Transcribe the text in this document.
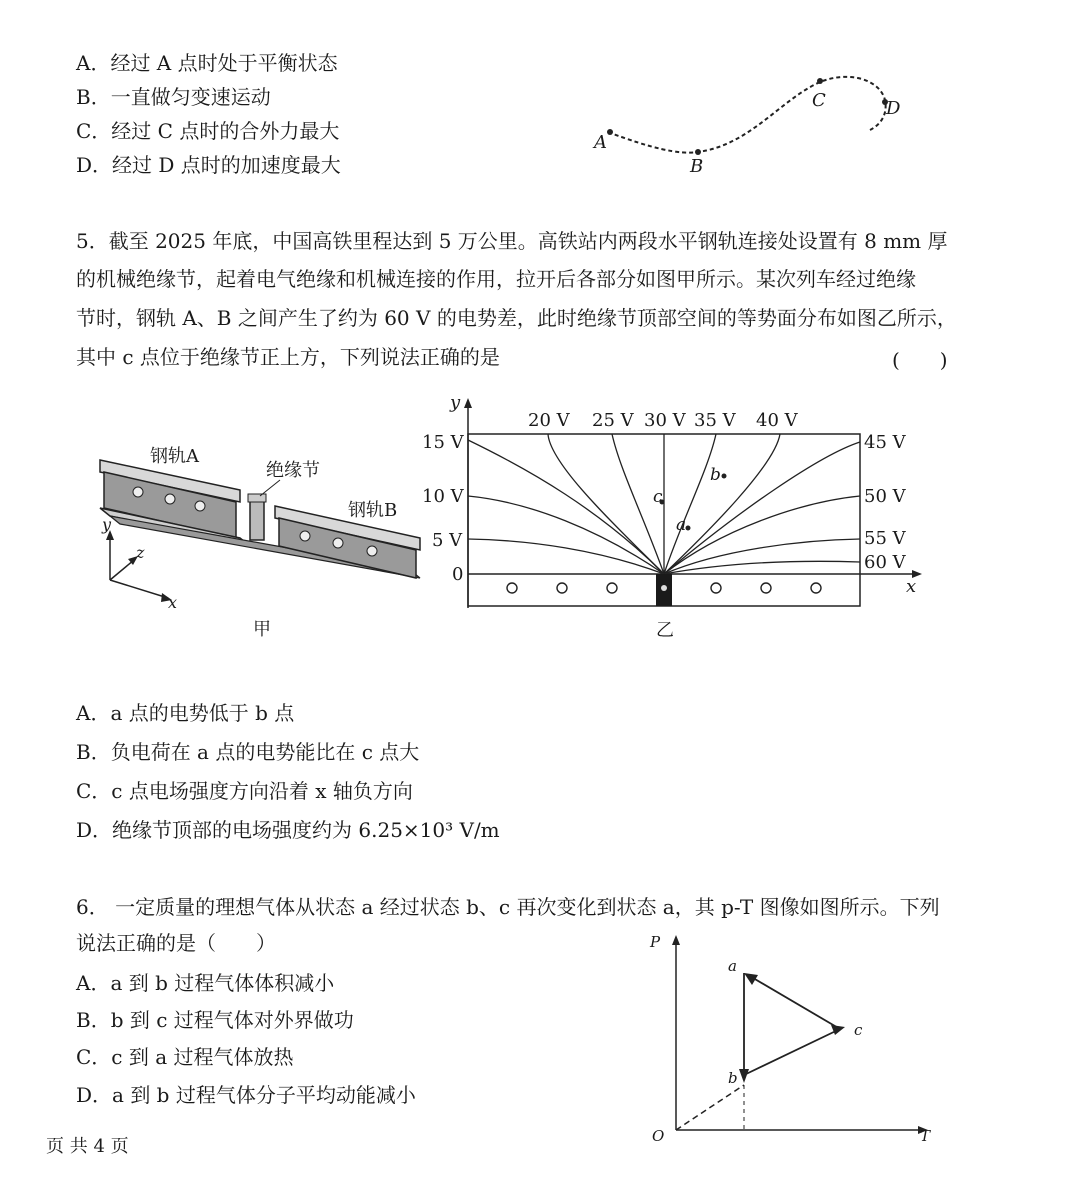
A．经过 A 点时处于平衡状态
B．一直做匀变速运动
C．经过 C 点时的合外力最大
D．经过 D 点时的加速度最大
A
B
C	D
5．截至 2025 年底，中国高铁里程达到 5 万公里。高铁站内两段水平钢轨连接处设置有 8 mm 厚
的机械绝缘节，起着电气绝缘和机械连接的作用，拉开后各部分如图甲所示。某次列车经过绝缘
节时，钢轨 A、B 之间产生了约为 60 V 的电势差，此时绝缘节顶部空间的等势面分布如图乙所示，
其中 c 点位于绝缘节正上方，下列说法正确的是	(　　)
钢轨A
绝缘节
钢轨B
y
z
x
甲
y
x
c
a
b
20 V 25 V 30 V 35 V 40 V
45 V
50 V
55 V
60 V
15 V
10 V
5 V
0
乙
A．a 点的电势低于 b 点
B．负电荷在 a 点的电势能比在 c 点大
C．c 点电场强度方向沿着 x 轴负方向
D．绝缘节顶部的电场强度约为 6.25×10³ V/m
6． 一定质量的理想气体从状态 a 经过状态 b、c 再次变化到状态 a，其 p-T 图像如图所示。下列
说法正确的是（　　）
A．a 到 b 过程气体体积减小
B．b 到 c 过程气体对外界做功
C．c 到 a 过程气体放热
D．a 到 b 过程气体分子平均动能减小
P
T
O
a
b
c
页 共 4 页
